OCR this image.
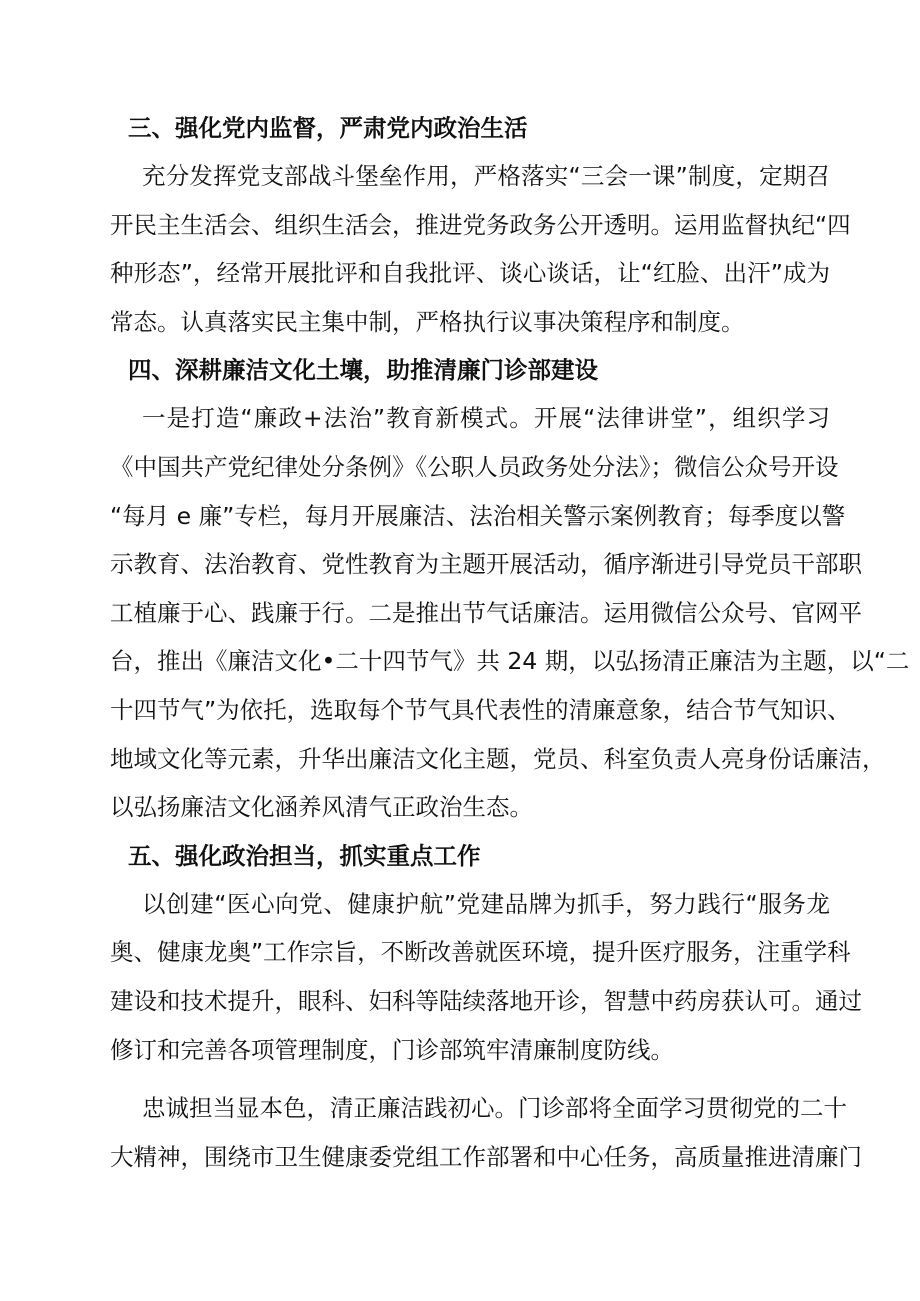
三、强化党内监督，严肃党内政治生活
充分发挥党支部战斗堡垒作用，严格落实“三会一课”制度，定期召
开民主生活会、组织生活会，推进党务政务公开透明。运用监督执纪“四
种形态”，经常开展批评和自我批评、谈心谈话，让“红脸、出汗”成为
常态。认真落实民主集中制，严格执行议事决策程序和制度。
四、深耕廉洁文化土壤，助推清廉门诊部建设
一是打造“廉政+法治”教育新模式。开展“法律讲堂”，组织学习
《中国共产党纪律处分条例》《公职人员政务处分法》；微信公众号开设
“每月 e 廉”专栏，每月开展廉洁、法治相关警示案例教育；每季度以警
示教育、法治教育、党性教育为主题开展活动，循序渐进引导党员干部职
工植廉于心、践廉于行。二是推出节气话廉洁。运用微信公众号、官网平
台，推出《廉洁文化•二十四节气》共 24 期，以弘扬清正廉洁为主题，以“二
十四节气”为依托，选取每个节气具代表性的清廉意象，结合节气知识、
地域文化等元素，升华出廉洁文化主题，党员、科室负责人亮身份话廉洁，
以弘扬廉洁文化涵养风清气正政治生态。
五、强化政治担当，抓实重点工作
以创建“医心向党、健康护航”党建品牌为抓手，努力践行“服务龙
奥、健康龙奥”工作宗旨，不断改善就医环境，提升医疗服务，注重学科
建设和技术提升，眼科、妇科等陆续落地开诊，智慧中药房获认可。通过
修订和完善各项管理制度，门诊部筑牢清廉制度防线。
忠诚担当显本色，清正廉洁践初心。门诊部将全面学习贯彻党的二十
大精神，围绕市卫生健康委党组工作部署和中心任务，高质量推进清廉门
